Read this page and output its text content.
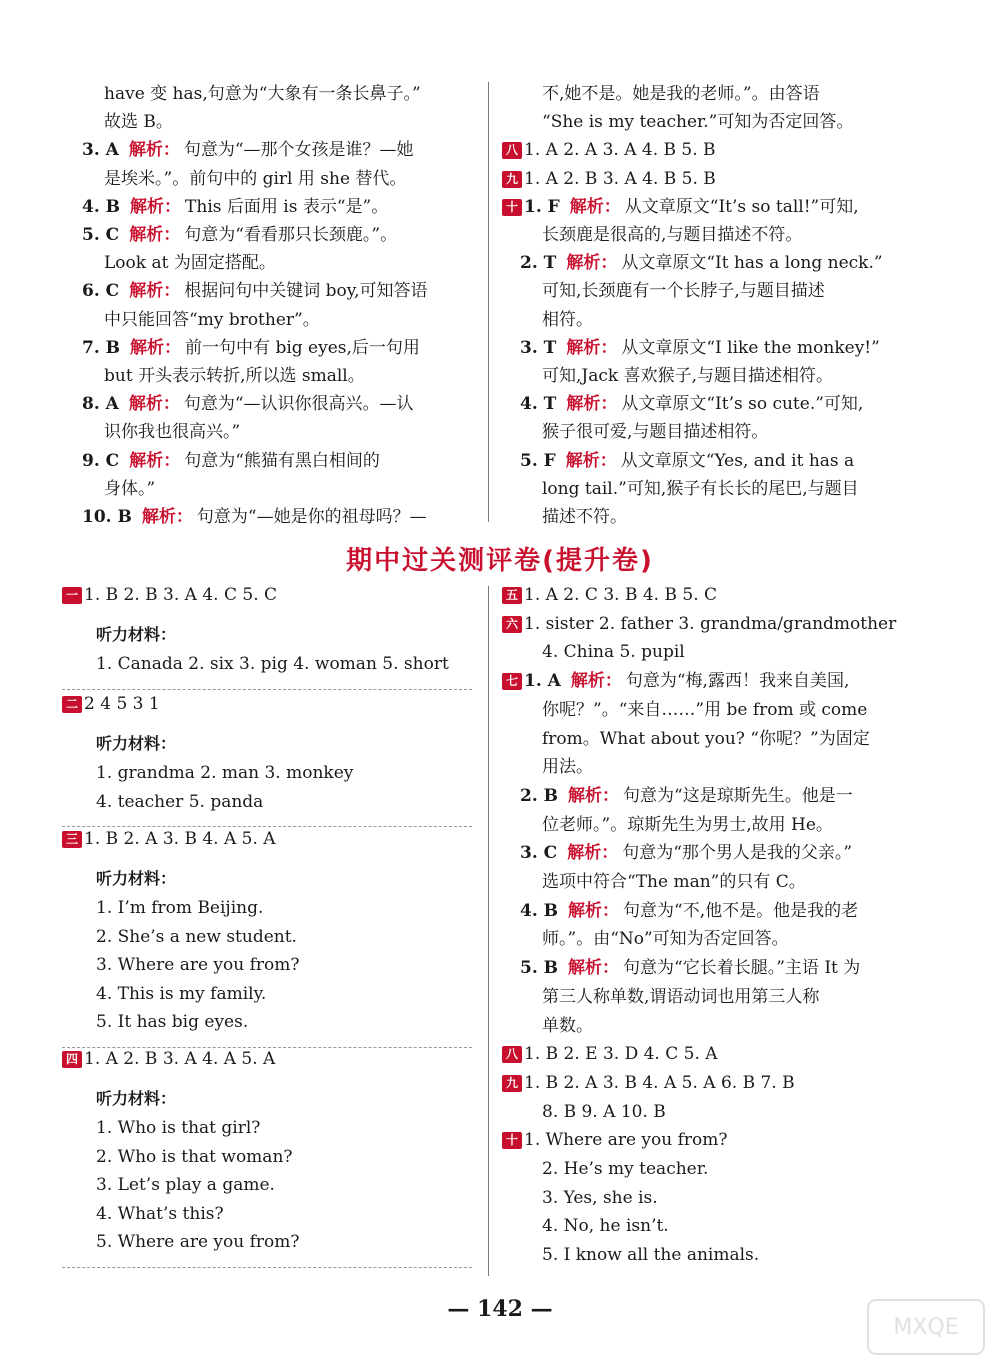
have 变 has,句意为“大象有一条长鼻子。”
故选 B。
3. A 解析： 句意为“—那个女孩是谁？—她
是埃米。”。前句中的 girl 用 she 替代。
4. B 解析： This 后面用 is 表示“是”。
5. C 解析： 句意为“看看那只长颈鹿。”。
Look at 为固定搭配。
6. C 解析： 根据问句中关键词 boy,可知答语
中只能回答“my brother”。
7. B 解析： 前一句中有 big eyes,后一句用
but 开头表示转折,所以选 small。
8. A 解析： 句意为“—认识你很高兴。—认
识你我也很高兴。”
9. C 解析： 句意为“熊猫有黑白相间的
身体。”
10. B 解析： 句意为“—她是你的祖母吗？—
不,她不是。她是我的老师。”。由答语
“She is my teacher.”可知为否定回答。
八 1. A 2. A 3. A 4. B 5. B
九 1. A 2. B 3. A 4. B 5. B
十 1. F 解析： 从文章原文“It’s so tall!”可知,
长颈鹿是很高的,与题目描述不符。
2. T 解析： 从文章原文“It has a long neck.”
可知,长颈鹿有一个长脖子,与题目描述
相符。
3. T 解析： 从文章原文“I like the monkey!”
可知,Jack 喜欢猴子,与题目描述相符。
4. T 解析： 从文章原文“It’s so cute.”可知,
猴子很可爱,与题目描述相符。
5. F 解析： 从文章原文“Yes, and it has a
long tail.”可知,猴子有长长的尾巴,与题目
描述不符。
期中过关测评卷(提升卷)
一 1. B 2. B 3. A 4. C 5. C
听力材料：
1. Canada 2. six 3. pig 4. woman 5. short
二 2 4 5 3 1
听力材料：
1. grandma 2. man 3. monkey
4. teacher 5. panda
三 1. B 2. A 3. B 4. A 5. A
听力材料：
1. I’m from Beijing.
2. She’s a new student.
3. Where are you from?
4. This is my family.
5. It has big eyes.
四 1. A 2. B 3. A 4. A 5. A
听力材料：
1. Who is that girl?
2. Who is that woman?
3. Let’s play a game.
4. What’s this?
5. Where are you from?
五 1. A 2. C 3. B 4. B 5. C
六 1. sister 2. father 3. grandma/grandmother
4. China 5. pupil
七 1. A 解析： 句意为“梅,露西！我来自美国,
你呢？”。“来自……”用 be from 或 come
from。What about you? “你呢？”为固定
用法。
2. B 解析： 句意为“这是琼斯先生。他是一
位老师。”。琼斯先生为男士,故用 He。
3. C 解析： 句意为“那个男人是我的父亲。”
选项中符合“The man”的只有 C。
4. B 解析： 句意为“不,他不是。他是我的老
师。”。由“No”可知为否定回答。
5. B 解析： 句意为“它长着长腿。”主语 It 为
第三人称单数,谓语动词也用第三人称
单数。
八 1. B 2. E 3. D 4. C 5. A
九 1. B 2. A 3. B 4. A 5. A 6. B 7. B
8. B 9. A 10. B
十 1. Where are you from?
2. He’s my teacher.
3. Yes, she is.
4. No, he isn’t.
5. I know all the animals.
— 142 —
MXQE
